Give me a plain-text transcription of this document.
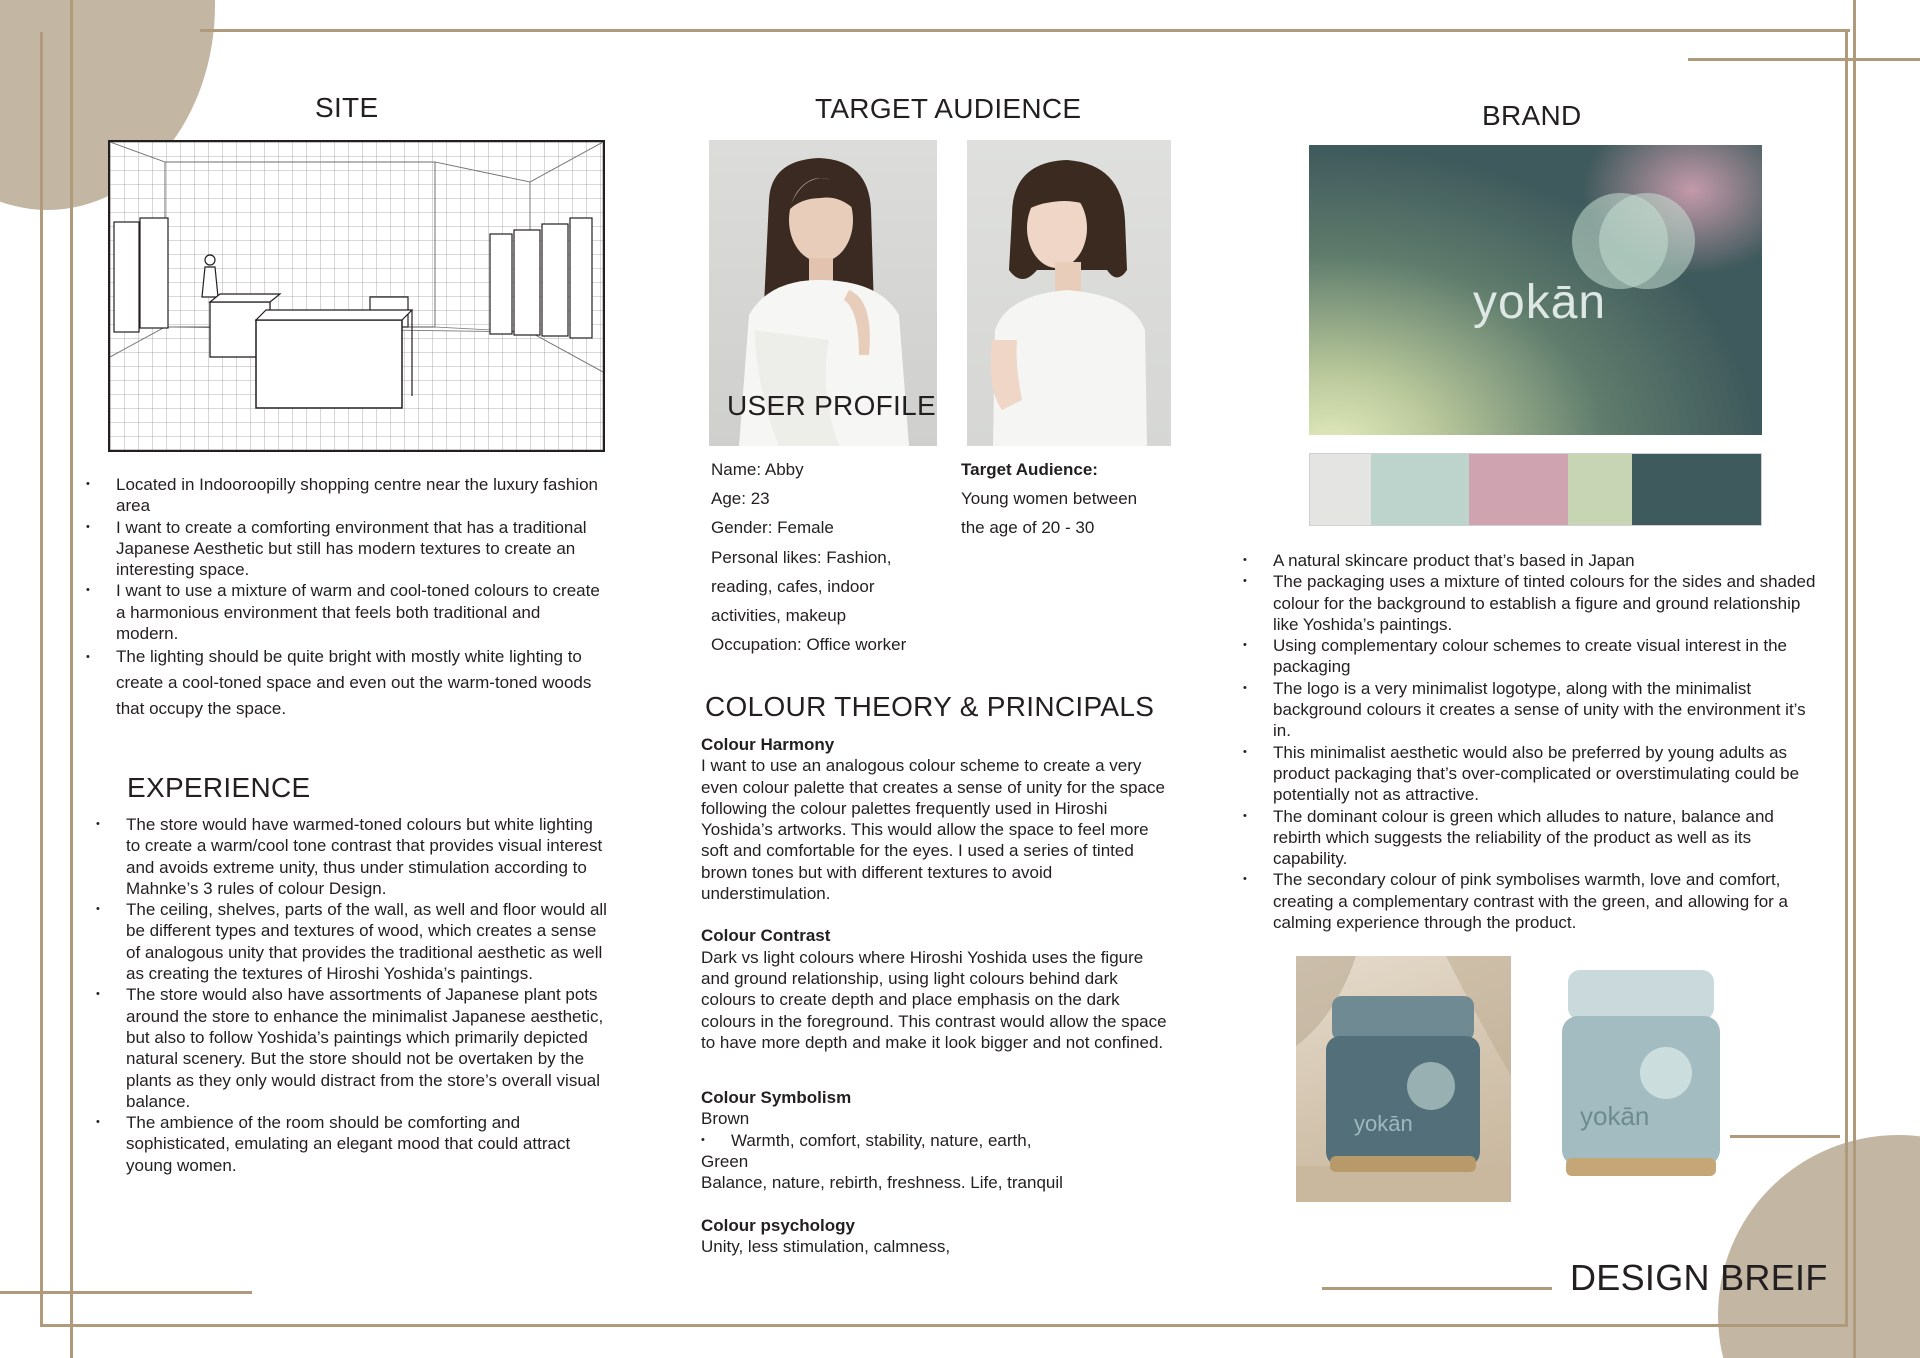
SITE
• Located in Indooroopilly shopping centre near the luxury fashion area
• I want to create a comforting environment that has a traditional Japanese Aesthetic but still has modern textures to create an interesting space.
• I want to use a mixture of warm and cool-toned colours to create a harmonious environment that feels both traditional and modern.
• The lighting should be quite bright with mostly white lighting to create a cool-toned space and even out the warm-toned woods that occupy the space.
EXPERIENCE
• The store would have warmed-toned colours but white lighting to create a warm/cool tone contrast that provides visual interest and avoids extreme unity, thus under stimulation according to Mahnke’s 3 rules of colour Design.
• The ceiling, shelves, parts of the wall, as well and floor would all be different types and textures of wood, which creates a sense of analogous unity that provides the traditional aesthetic as well as creating the textures of Hiroshi Yoshida’s paintings.
• The store would also have assortments of Japanese plant pots around the store to enhance the minimalist Japanese aesthetic, but also to follow Yoshida’s paintings which primarily depicted natural scenery. But the store should not be overtaken by the plants as they only would distract from the store’s overall visual balance.
• The ambience of the room should be comforting and sophisticated, emulating an elegant mood that could attract young women.
TARGET AUDIENCE
USER PROFILE
Name: Abby
Age: 23
Gender: Female
Personal likes: Fashion,
reading, cafes, indoor
activities, makeup
Occupation: Office worker
Target Audience:
Young women between
the age of 20 - 30
COLOUR THEORY & PRINCIPALS
Colour Harmony
I want to use an analogous colour scheme to create a very even colour palette that creates a sense of unity for the space following the colour palettes frequently used in Hiroshi Yoshida’s artworks. This would allow the space to feel more soft and comfortable for the eyes. I used a series of tinted brown tones but with different textures to avoid understimulation.
Colour Contrast
Dark vs light colours where Hiroshi Yoshida uses the figure and ground relationship, using light colours behind dark colours to create depth and place emphasis on the dark colours in the foreground. This contrast would allow the space to have more depth and make it look bigger and not confined.
Colour Symbolism
Brown
• Warmth, comfort, stability, nature, earth,
Green
Balance, nature, rebirth, freshness. Life, tranquil
Colour psychology
Unity, less stimulation, calmness,
BRAND
yokān
• A natural skincare product that’s based in Japan
• The packaging uses a mixture of tinted colours for the sides and shaded colour for the background to establish a figure and ground relationship like Yoshida’s paintings.
• Using complementary colour schemes to create visual interest in the packaging
• The logo is a very minimalist logotype, along with the minimalist background colours it creates a sense of unity with the environment it’s in.
• This minimalist aesthetic would also be preferred by young adults as product packaging that’s over-complicated or overstimulating could be potentially not as attractive.
• The dominant colour is green which alludes to nature, balance and rebirth which suggests the reliability of the product as well as its capability.
• The secondary colour of pink symbolises warmth, love and comfort, creating a complementary contrast with the green, and allowing for a calming experience through the product.
yokān	yokān
DESIGN BREIF
